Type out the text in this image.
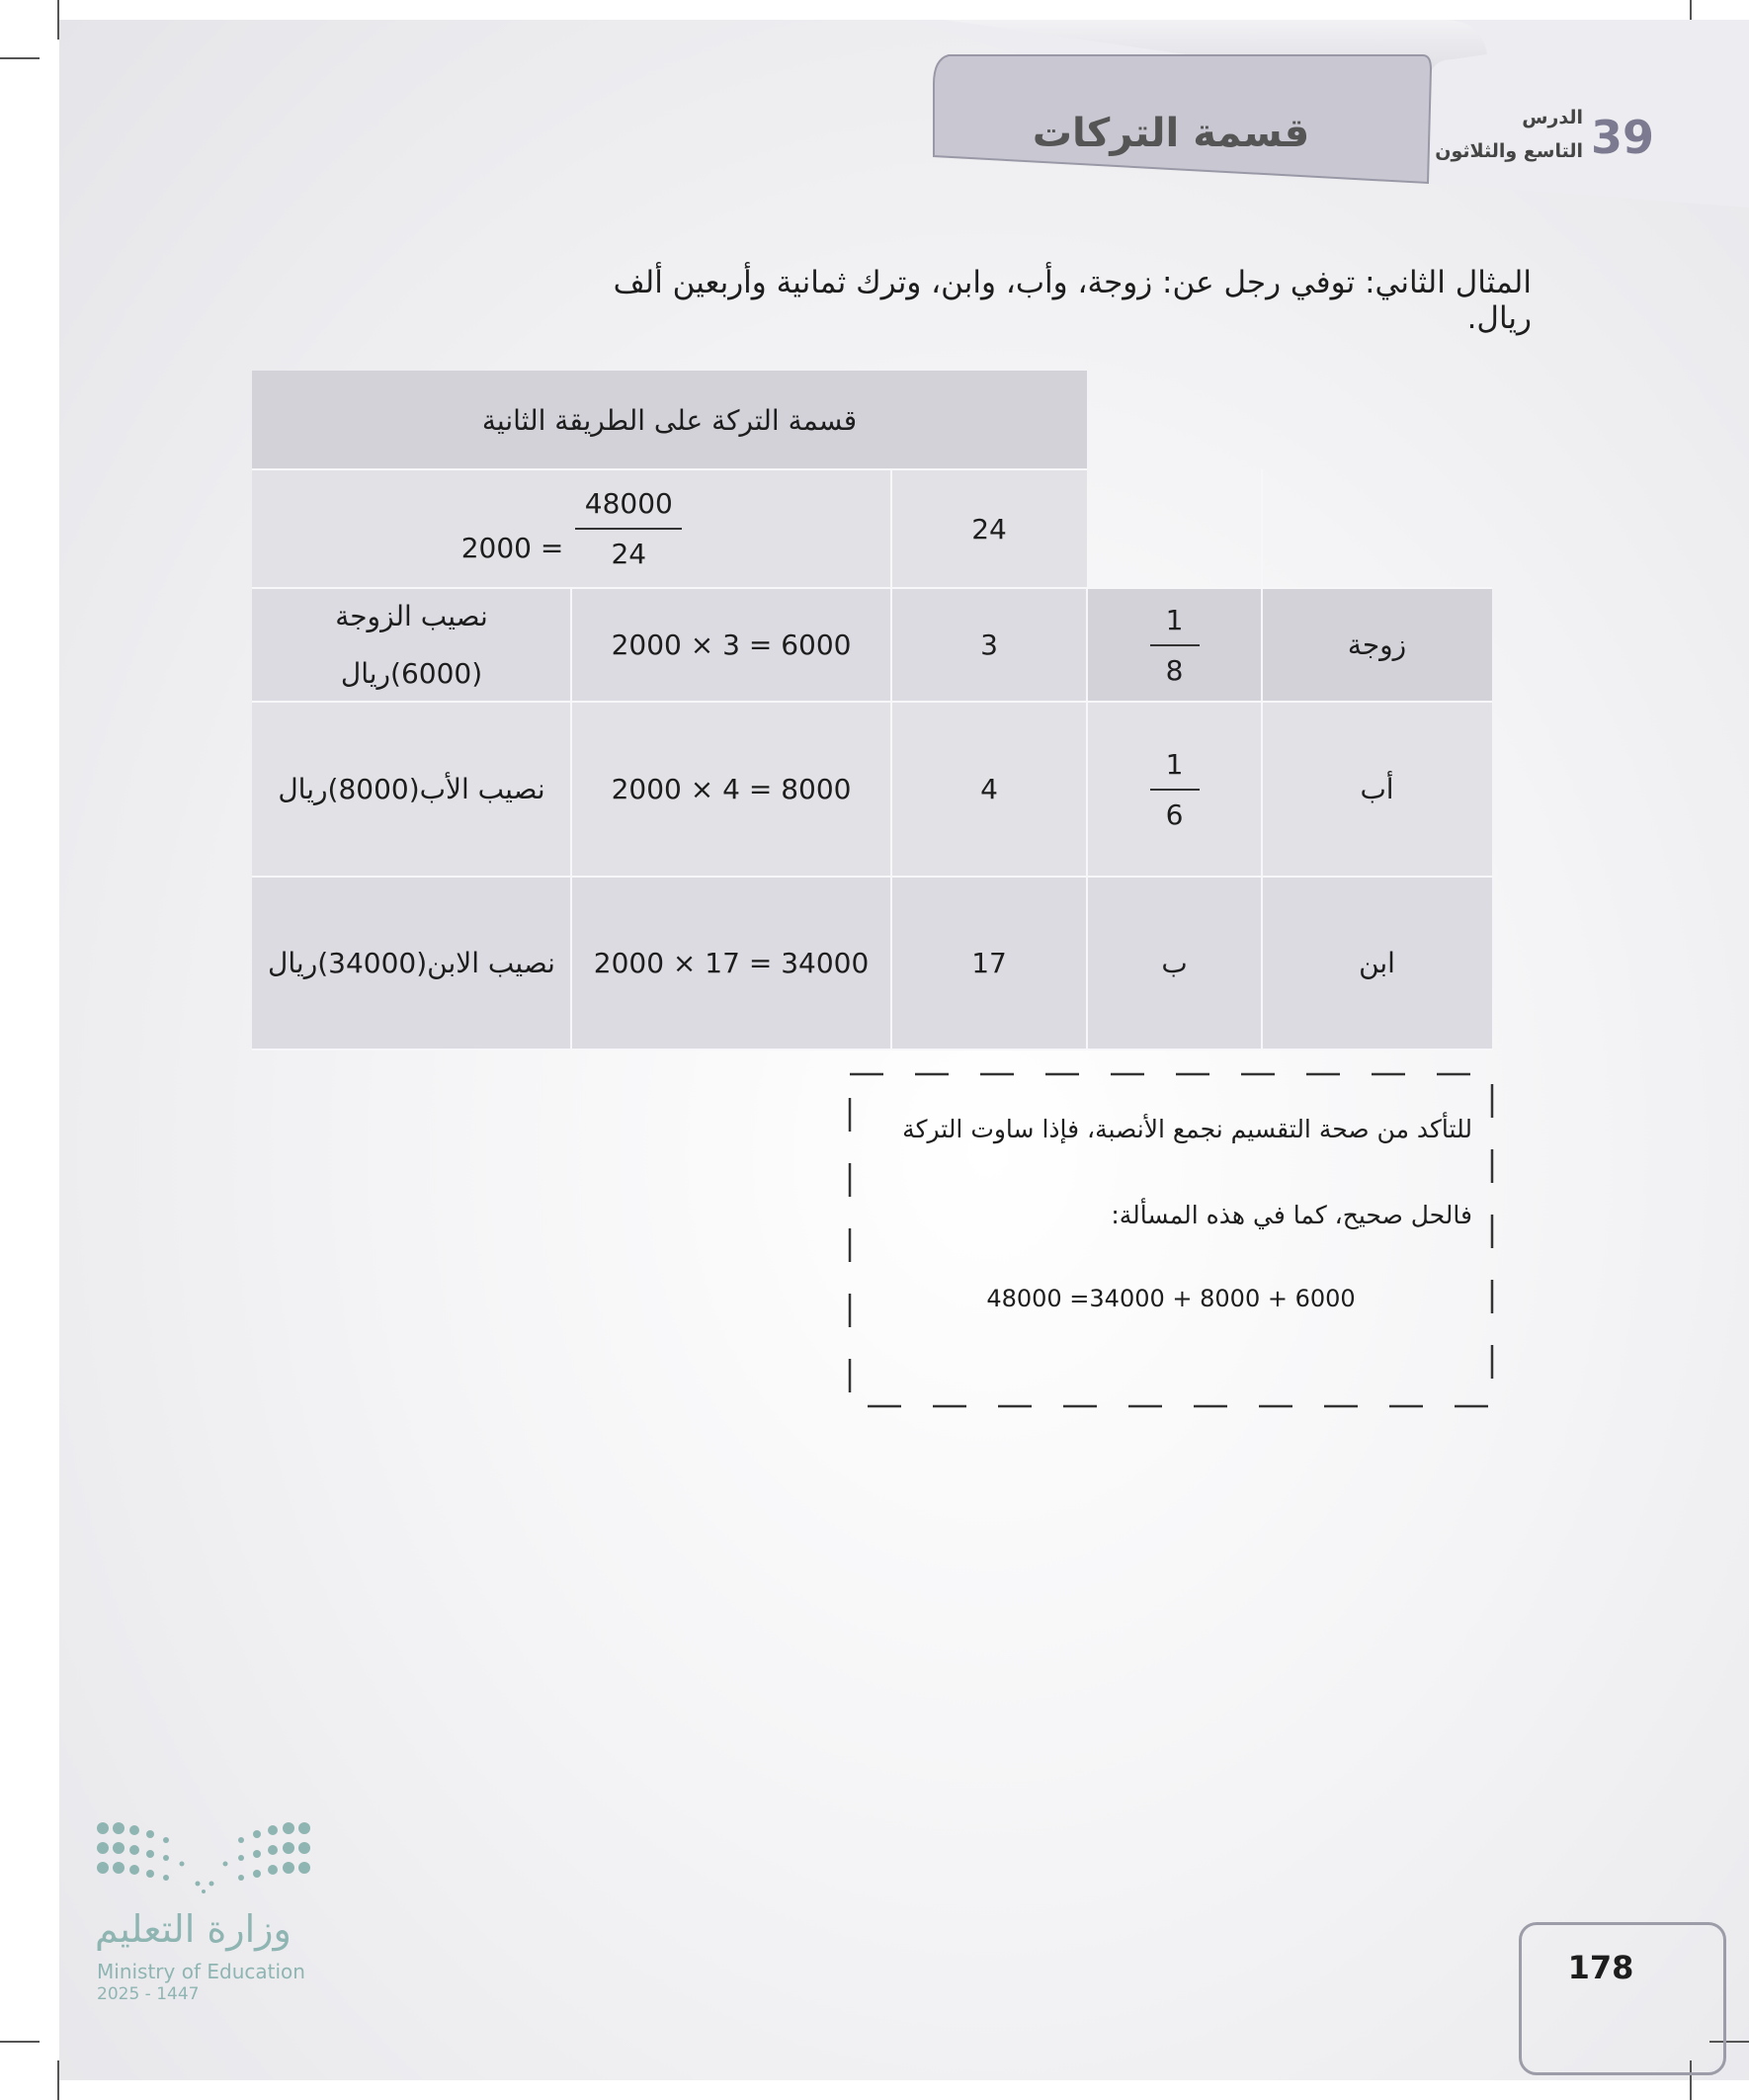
39
الدرس
التاسع والثلاثون
قسمة التركات
المثال الثاني: توفي رجل عن: زوجة، وأب، وابن، وترك ثمانية وأربعين ألف ريال.
قسمة التركة على الطريقة الثانية
2000 =
48000
24
24
زوجة
1
8
3
6000 = 3 × 2000
نصيب الزوجة
(6000)ريال
أب
1
6
4
8000 = 4 × 2000
نصيب الأب(8000)ريال
ابن
ب
17
34000 = 17 × 2000
نصيب الابن(34000)ريال
للتأكد من صحة التقسيم نجمع الأنصبة، فإذا ساوت التركة
فالحل صحيح، كما في هذه المسألة:
48000 =34000 + 8000 + 6000
وزارة التعليم
Ministry of Education
2025 - 1447
178
